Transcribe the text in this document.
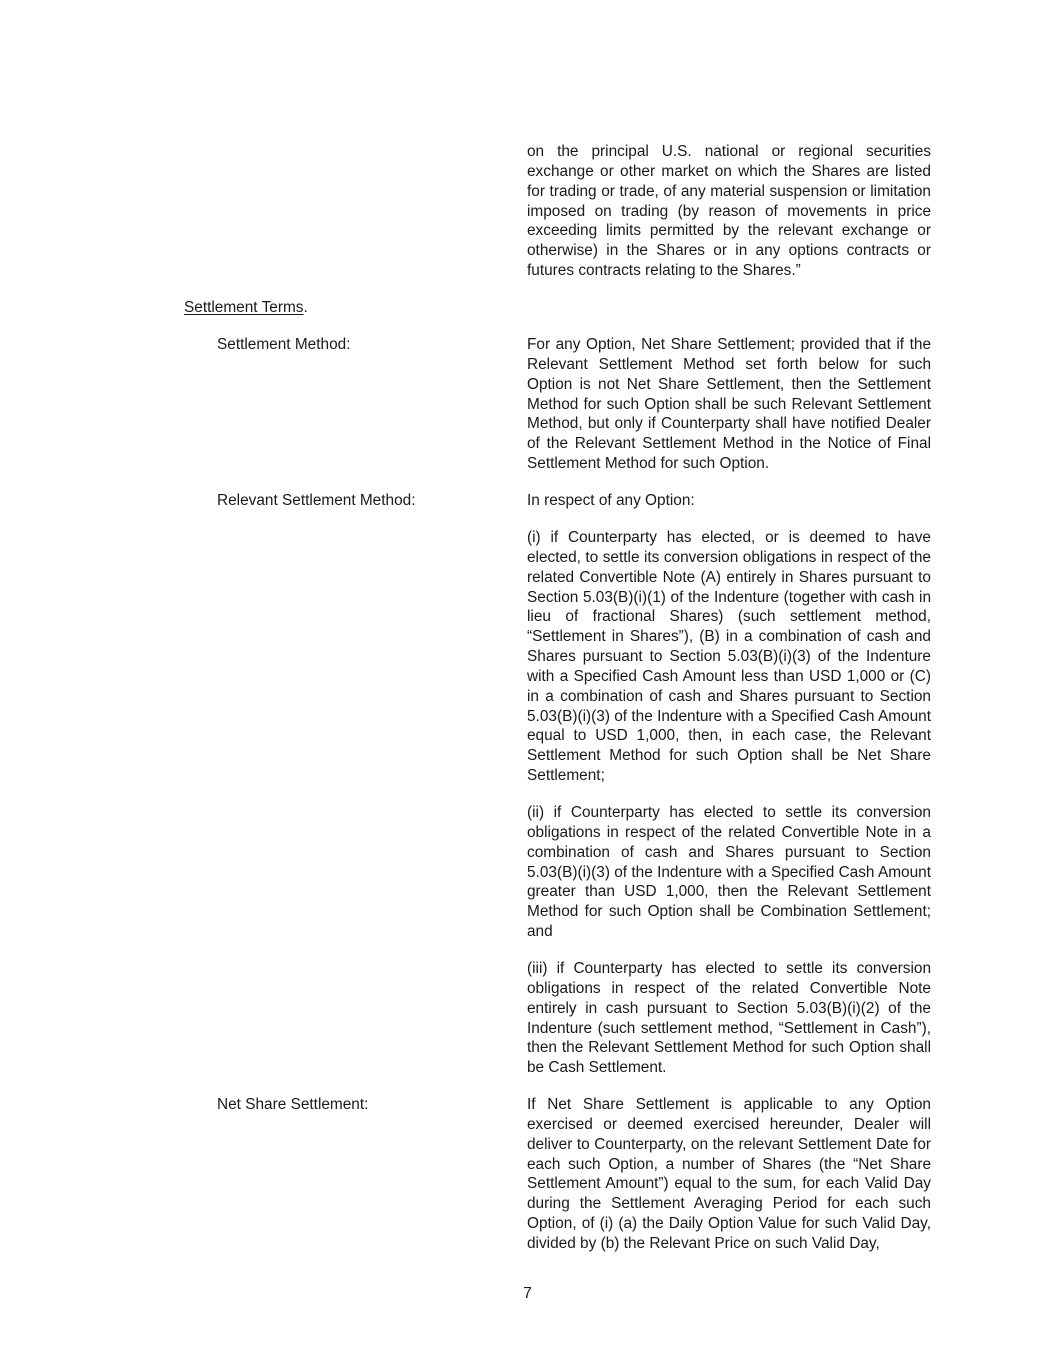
on the principal U.S. national or regional securities exchange or other market on which the Shares are listed for trading or trade, of any material suspension or limitation imposed on trading (by reason of movements in price exceeding limits permitted by the relevant exchange or otherwise) in the Shares or in any options contracts or futures contracts relating to the Shares.”

Settlement Terms.

Settlement Method:	For any Option, Net Share Settlement; provided that if the Relevant Settlement Method set forth below for such Option is not Net Share Settlement, then the Settlement Method for such Option shall be such Relevant Settlement Method, but only if Counterparty shall have notified Dealer of the Relevant Settlement Method in the Notice of Final Settlement Method for such Option.

Relevant Settlement Method:	In respect of any Option:

(i) if Counterparty has elected, or is deemed to have elected, to settle its conversion obligations in respect of the related Convertible Note (A) entirely in Shares pursuant to Section 5.03(B)(i)(1) of the Indenture (together with cash in lieu of fractional Shares) (such settlement method, “Settlement in Shares”), (B) in a combination of cash and Shares pursuant to Section 5.03(B)(i)(3) of the Indenture with a Specified Cash Amount less than USD 1,000 or (C) in a combination of cash and Shares pursuant to Section 5.03(B)(i)(3) of the Indenture with a Specified Cash Amount equal to USD 1,000, then, in each case, the Relevant Settlement Method for such Option shall be Net Share Settlement;

(ii) if Counterparty has elected to settle its conversion obligations in respect of the related Convertible Note in a combination of cash and Shares pursuant to Section 5.03(B)(i)(3) of the Indenture with a Specified Cash Amount greater than USD 1,000, then the Relevant Settlement Method for such Option shall be Combination Settlement; and

(iii) if Counterparty has elected to settle its conversion obligations in respect of the related Convertible Note entirely in cash pursuant to Section 5.03(B)(i)(2) of the Indenture (such settlement method, “Settlement in Cash”), then the Relevant Settlement Method for such Option shall be Cash Settlement.

Net Share Settlement:	If Net Share Settlement is applicable to any Option exercised or deemed exercised hereunder, Dealer will deliver to Counterparty, on the relevant Settlement Date for each such Option, a number of Shares (the “Net Share Settlement Amount”) equal to the sum, for each Valid Day during the Settlement Averaging Period for each such Option, of (i) (a) the Daily Option Value for such Valid Day, divided by (b) the Relevant Price on such Valid Day,

7
